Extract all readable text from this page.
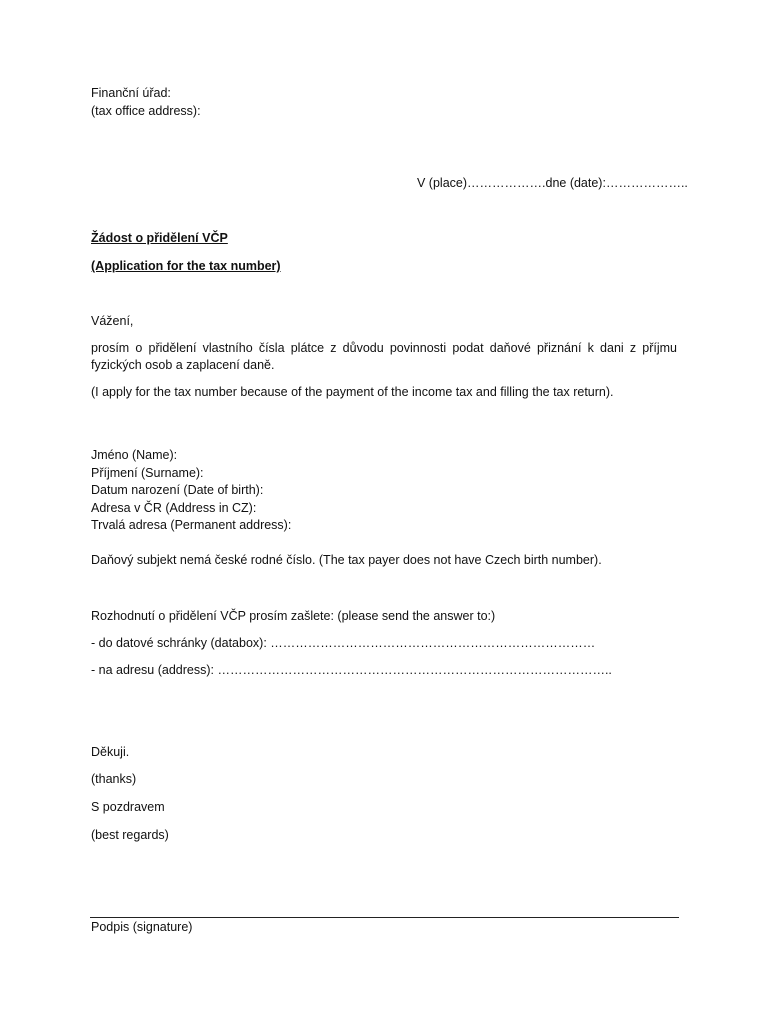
Finanční úřad:
(tax office address):
V (place)……………….dne (date):………………..
Žádost o přidělení VČP
(Application for the tax number)
Vážení,
prosím o přidělení vlastního čísla plátce z důvodu povinnosti podat daňové přiznání k dani z příjmu fyzických osob a zaplacení daně.
(I apply for the tax number because of the payment of the income tax and filling the tax return).
Jméno (Name):
Příjmení (Surname):
Datum narození (Date of birth):
Adresa v ČR (Address in CZ):
Trvalá adresa (Permanent address):
Daňový subjekt nemá české rodné číslo. (The tax payer does not have Czech birth number).
Rozhodnutí o přidělení VČP prosím zašlete: (please send the answer to:)
- do datové schránky (databox): ……………………………………………………………………
- na adresu (address): …………………………………………………………………………………..
Děkuji.
(thanks)
S pozdravem
(best regards)
Podpis (signature)
